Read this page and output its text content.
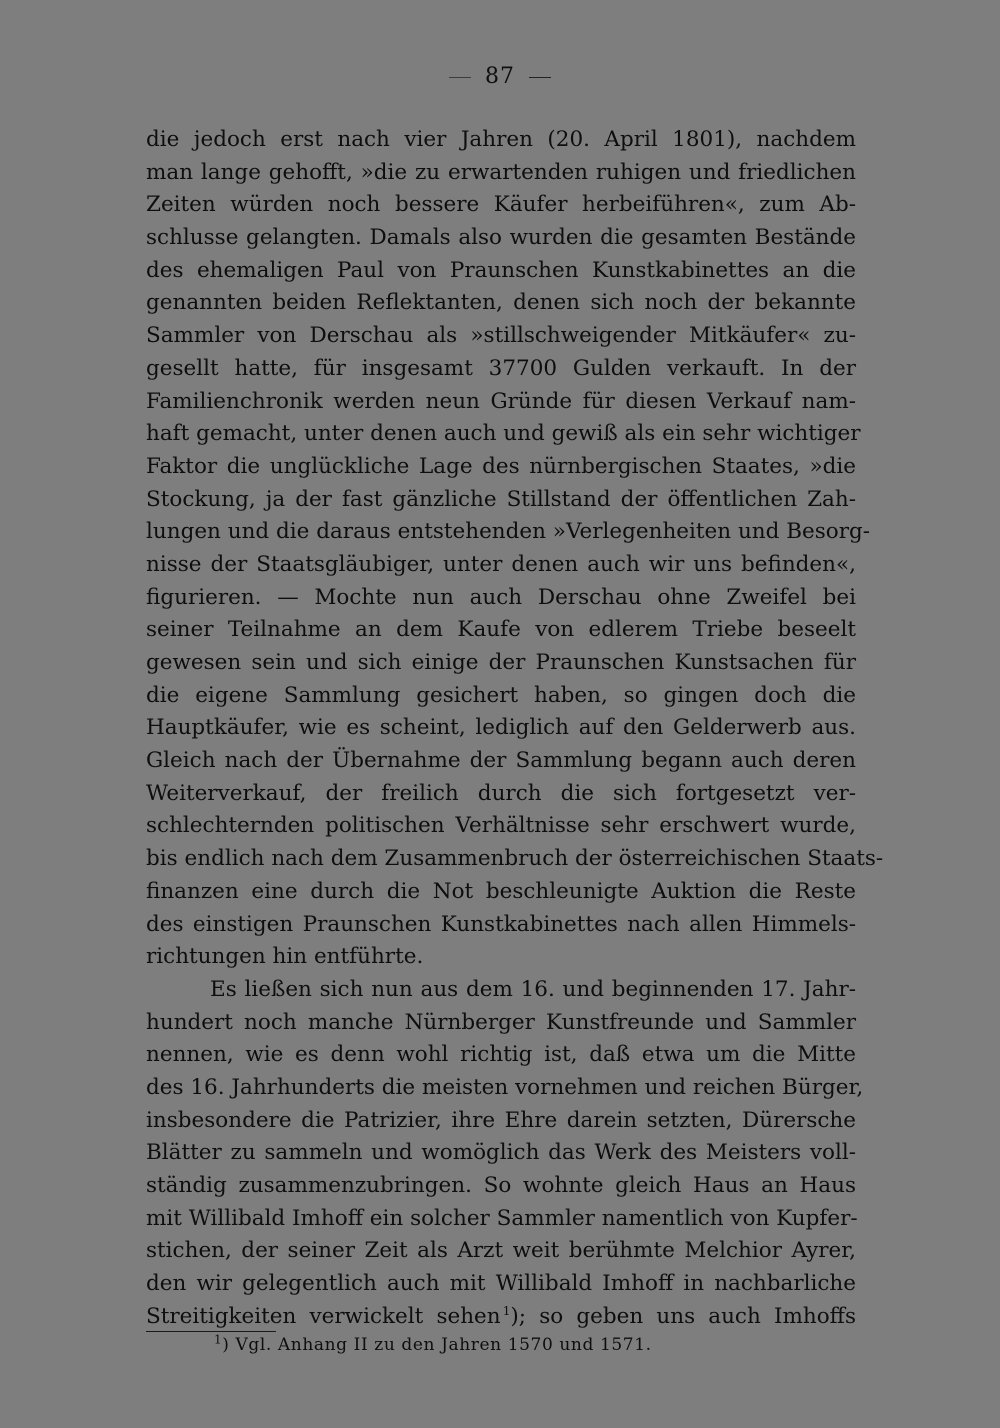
87
die jedoch erst nach vier Jahren (20. April 1801), nachdem
man lange gehofft, »die zu erwartenden ruhigen und friedlichen
Zeiten würden noch bessere Käufer herbeiführen«, zum Ab-
schlusse gelangten. Damals also wurden die gesamten Bestände
des ehemaligen Paul von Praunschen Kunstkabinettes an die
genannten beiden Reflektanten, denen sich noch der bekannte
Sammler von Derschau als »stillschweigender Mitkäufer« zu-
gesellt hatte, für insgesamt 37700 Gulden verkauft. In der
Familienchronik werden neun Gründe für diesen Verkauf nam-
haft gemacht, unter denen auch und gewiß als ein sehr wichtiger
Faktor die unglückliche Lage des nürnbergischen Staates, »die
Stockung, ja der fast gänzliche Stillstand der öffentlichen Zah-
lungen und die daraus entstehenden »Verlegenheiten und Besorg-
nisse der Staatsgläubiger, unter denen auch wir uns befinden«,
figurieren. — Mochte nun auch Derschau ohne Zweifel bei
seiner Teilnahme an dem Kaufe von edlerem Triebe beseelt
gewesen sein und sich einige der Praunschen Kunstsachen für
die eigene Sammlung gesichert haben, so gingen doch die
Hauptkäufer, wie es scheint, lediglich auf den Gelderwerb aus.
Gleich nach der Übernahme der Sammlung begann auch deren
Weiterverkauf, der freilich durch die sich fortgesetzt ver-
schlechternden politischen Verhältnisse sehr erschwert wurde,
bis endlich nach dem Zusammenbruch der österreichischen Staats-
finanzen eine durch die Not beschleunigte Auktion die Reste
des einstigen Praunschen Kunstkabinettes nach allen Himmels-
richtungen hin entführte.
Es ließen sich nun aus dem 16. und beginnenden 17. Jahr-
hundert noch manche Nürnberger Kunstfreunde und Sammler
nennen, wie es denn wohl richtig ist, daß etwa um die Mitte
des 16. Jahrhunderts die meisten vornehmen und reichen Bürger,
insbesondere die Patrizier, ihre Ehre darein setzten, Dürersche
Blätter zu sammeln und womöglich das Werk des Meisters voll-
ständig zusammenzubringen. So wohnte gleich Haus an Haus
mit Willibald Imhoff ein solcher Sammler namentlich von Kupfer-
stichen, der seiner Zeit als Arzt weit berühmte Melchior Ayrer,
den wir gelegentlich auch mit Willibald Imhoff in nachbarliche
Streitigkeiten verwickelt sehen  $^1$); so geben uns auch Imhoffs
$^1$) Vgl. Anhang II zu den Jahren 1570 und 1571.
